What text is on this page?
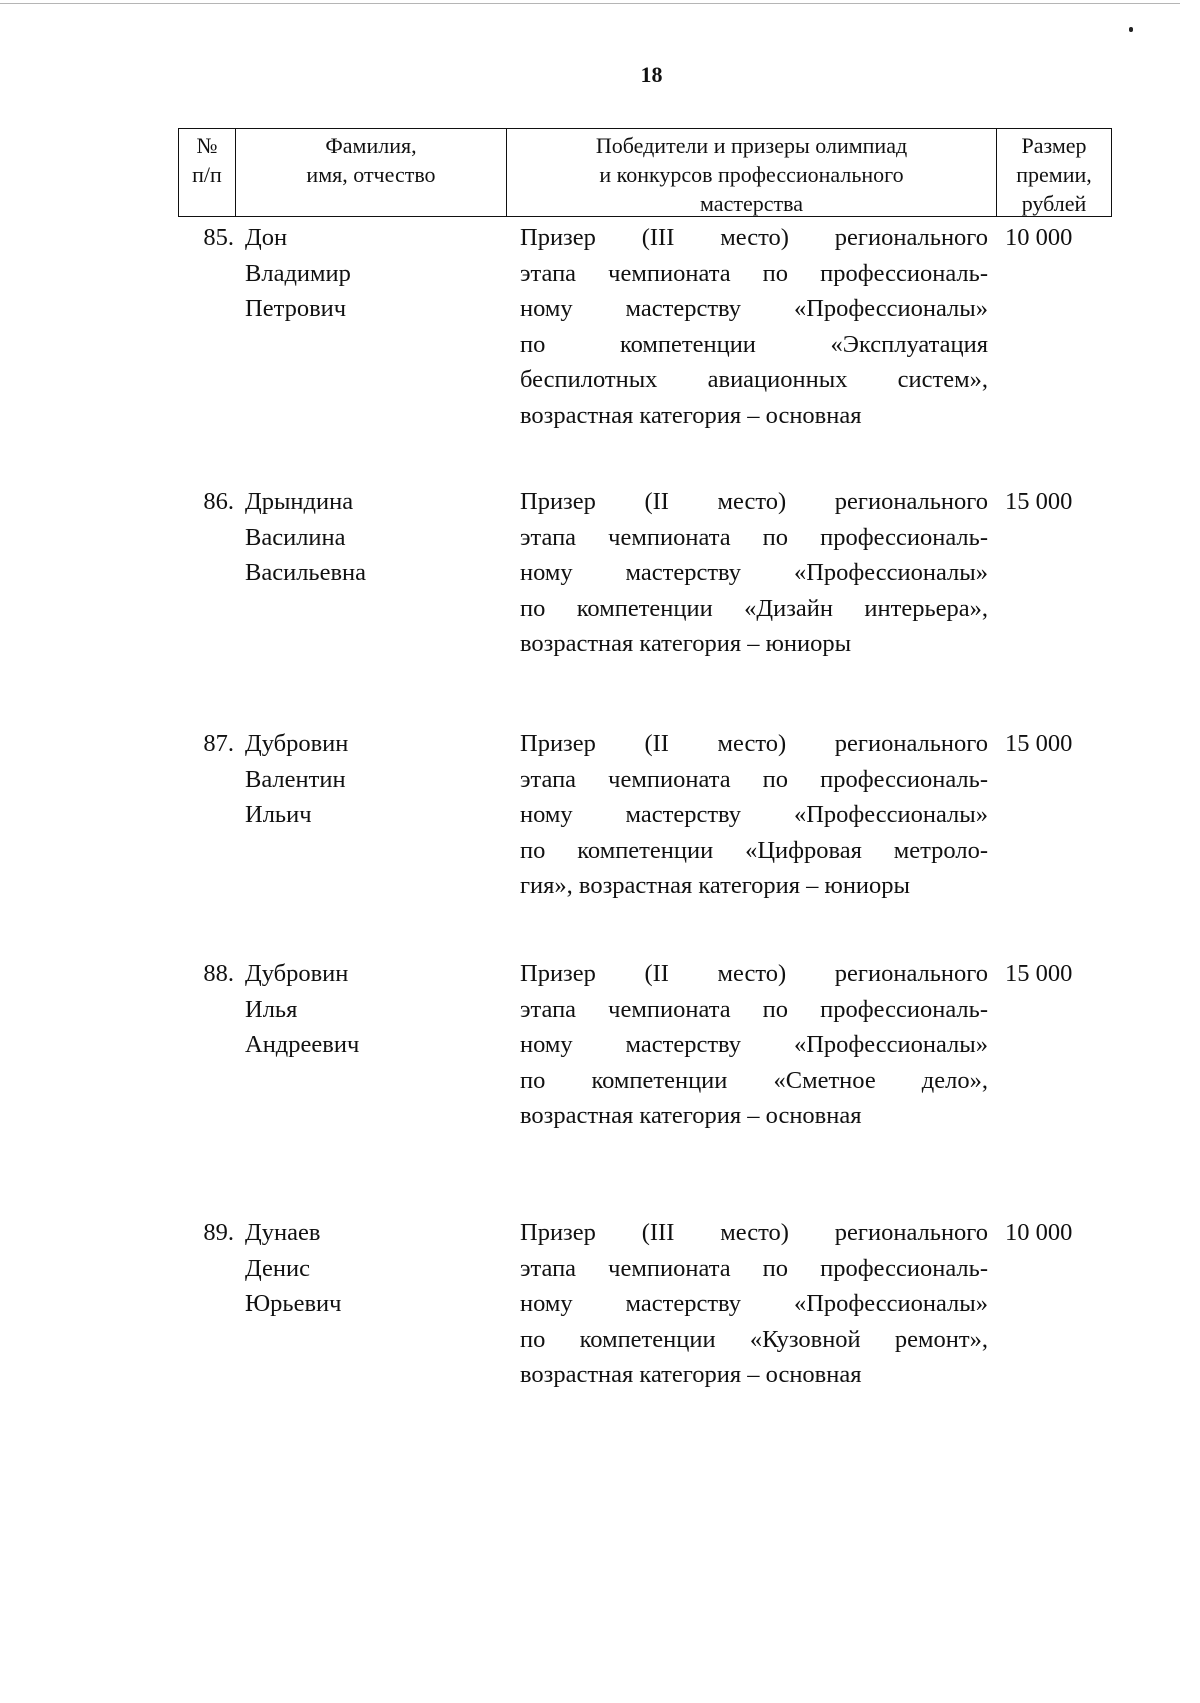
18
№
п/п
Фамилия,
имя, отчество
Победители и призеры олимпиад
и конкурсов профессионального
мастерства
Размер
премии,
рублей
85. Дон
Владимир
Петрович
Призер (III место) регионального
этапа чемпионата по профессиональ-
ному мастерству «Профессионалы»
по компетенции «Эксплуатация
беспилотных авиационных систем»,
возрастная категория – основная
10 000
86. Дрындина
Василина
Васильевна
Призер (II место) регионального
этапа чемпионата по профессиональ-
ному мастерству «Профессионалы»
по компетенции «Дизайн интерьера»,
возрастная категория – юниоры
15 000
87. Дубровин
Валентин
Ильич
Призер (II место) регионального
этапа чемпионата по профессиональ-
ному мастерству «Профессионалы»
по компетенции «Цифровая метроло-
гия», возрастная категория – юниоры
15 000
88. Дубровин
Илья
Андреевич
Призер (II место) регионального
этапа чемпионата по профессиональ-
ному мастерству «Профессионалы»
по компетенции «Сметное дело»,
возрастная категория – основная
15 000
89. Дунаев
Денис
Юрьевич
Призер (III место) регионального
этапа чемпионата по профессиональ-
ному мастерству «Профессионалы»
по компетенции «Кузовной ремонт»,
возрастная категория – основная
10 000
